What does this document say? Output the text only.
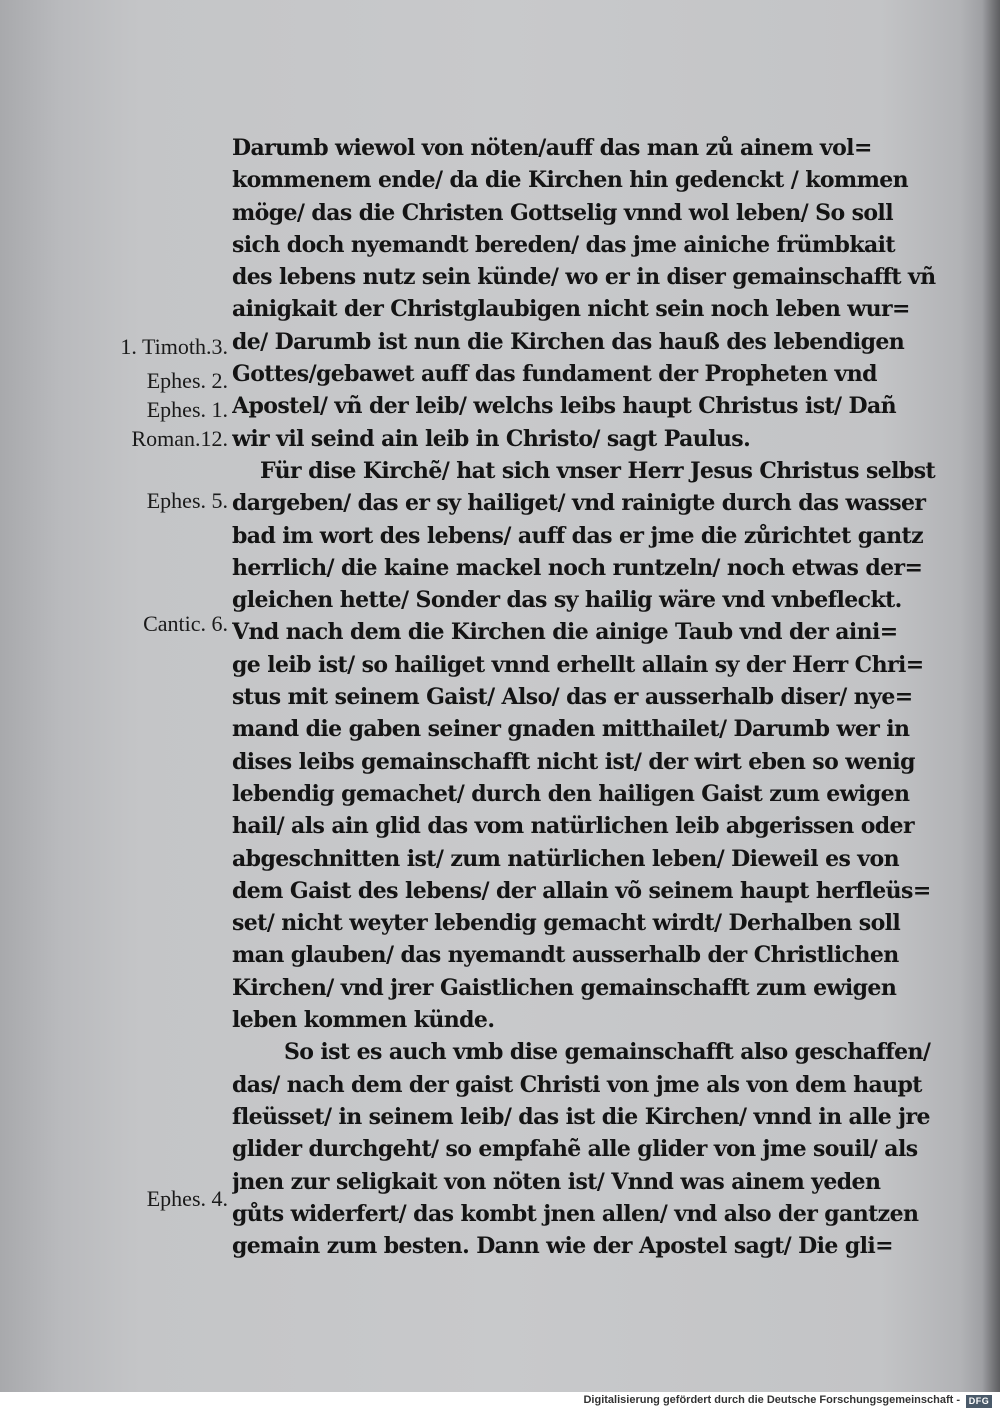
1. Timoth.3.
Ephes. 2.
Ephes. 1.
Roman.12.
Ephes. 5.
Cantic. 6.
Ephes. 4.
Darumb wiewol von nöten/auff das man zů ainem vol=
kommenem ende/ da die Kirchen hin gedenckt / kommen
möge/ das die Christen Gottselig vnnd wol leben/ So soll
sich doch nyemandt bereden/ das jme ainiche frümbkait
des lebens nutz sein künde/ wo er in diser gemainschafft vñ
ainigkait der Christglaubigen nicht sein noch leben wur=
de/ Darumb ist nun die Kirchen das hauß des lebendigen
Gottes/gebawet auff das fundament der Propheten vnd
Apostel/ vñ der leib/ welchs leibs haupt Christus ist/ Dañ
wir vil seind ain leib in Christo/ sagt Paulus.
Für dise Kirchẽ/ hat sich vnser Herr Jesus Christus selbst
dargeben/ das er sy hailiget/ vnd rainigte durch das wasser
bad im wort des lebens/ auff das er jme die zůrichtet gantz
herrlich/ die kaine mackel noch runtzeln/ noch etwas der=
gleichen hette/ Sonder das sy hailig wäre vnd vnbefleckt.
Vnd nach dem die Kirchen die ainige Taub vnd der aini=
ge leib ist/ so hailiget vnnd erhellt allain sy der Herr Chri=
stus mit seinem Gaist/ Also/ das er ausserhalb diser/ nye=
mand die gaben seiner gnaden mitthailet/ Darumb wer in
dises leibs gemainschafft nicht ist/ der wirt eben so wenig
lebendig gemachet/ durch den hailigen Gaist zum ewigen
hail/ als ain glid das vom natürlichen leib abgerissen oder
abgeschnitten ist/ zum natürlichen leben/ Dieweil es von
dem Gaist des lebens/ der allain võ seinem haupt herfleüs=
set/ nicht weyter lebendig gemacht wirdt/ Derhalben soll
man glauben/ das nyemandt ausserhalb der Christlichen
Kirchen/ vnd jrer Gaistlichen gemainschafft zum ewigen
leben kommen künde.
So ist es auch vmb dise gemainschafft also geschaffen/
das/ nach dem der gaist Christi von jme als von dem haupt
fleüsset/ in seinem leib/ das ist die Kirchen/ vnnd in alle jre
glider durchgeht/ so empfahẽ alle glider von jme souil/ als
jnen zur seligkait von nöten ist/ Vnnd was ainem yeden
gůts widerfert/ das kombt jnen allen/ vnd also der gantzen
gemain zum besten. Dann wie der Apostel sagt/ Die gli=
Digitalisierung gefördert durch die Deutsche Forschungsgemeinschaft - DFG
